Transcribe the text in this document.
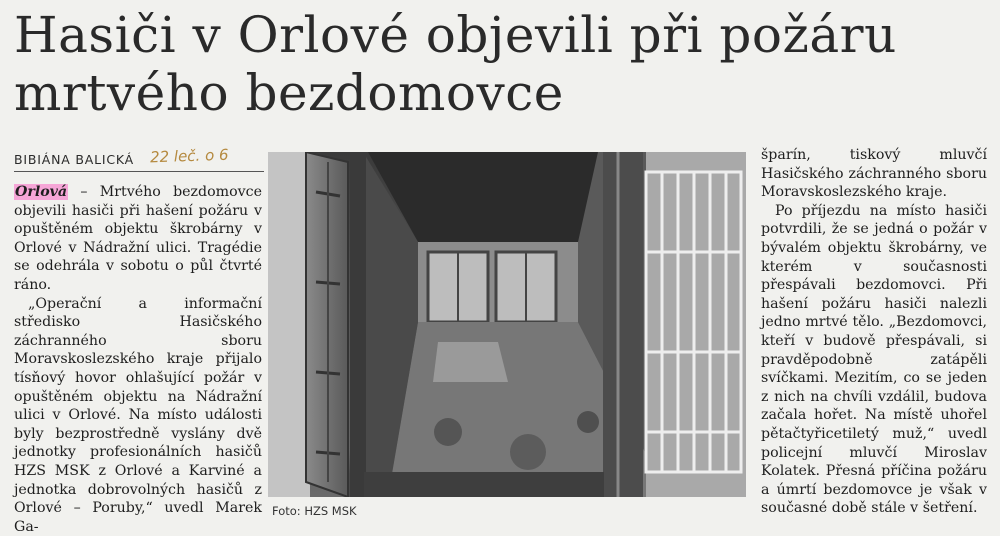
Hasiči v Orlové objevili při požáru
mrtvého bezdomovce
BIBIÁNA BALICKÁ 22 leč. o 6

Orlová – Mrtvého bezdomovce objevili hasiči při hašení požáru v opuštěném objektu škrobárny v Orlové v Nádražní ulici. Tragédie se odehrála v sobotu o půl čtvrté ráno.

„Operační a informační středisko Hasičského záchranného sboru Moravskoslezského kraje přijalo tísňový hovor ohlašující požár v opuštěném objektu na Nádražní ulici v Orlové. Na místo události byly bezprostředně vyslány dvě jednotky profesionálních hasičů HZS MSK z Orlové a Karviné a jednotka dobrovolných hasičů z Orlové – Poruby,“ uvedl Marek Ga-

Foto: HZS MSK

šparín, tiskový mluvčí Hasičského záchranného sboru Moravskoslezského kraje.

Po příjezdu na místo hasiči potvrdili, že se jedná o požár v bývalém objektu škrobárny, ve kterém v současnosti přespávali bezdomovci. Při hašení požáru hasiči nalezli jedno mrtvé tělo. „Bezdomovci, kteří v budově přespávali, si pravděpodobně zatápěli svíčkami. Mezitím, co se jeden z nich na chvíli vzdálil, budova začala hořet. Na místě uhořel pětačtyřicetiletý muž,“ uvedl policejní mluvčí Miroslav Kolatek. Přesná příčina požáru a úmrtí bezdomovce je však v současné době stále v šetření.
